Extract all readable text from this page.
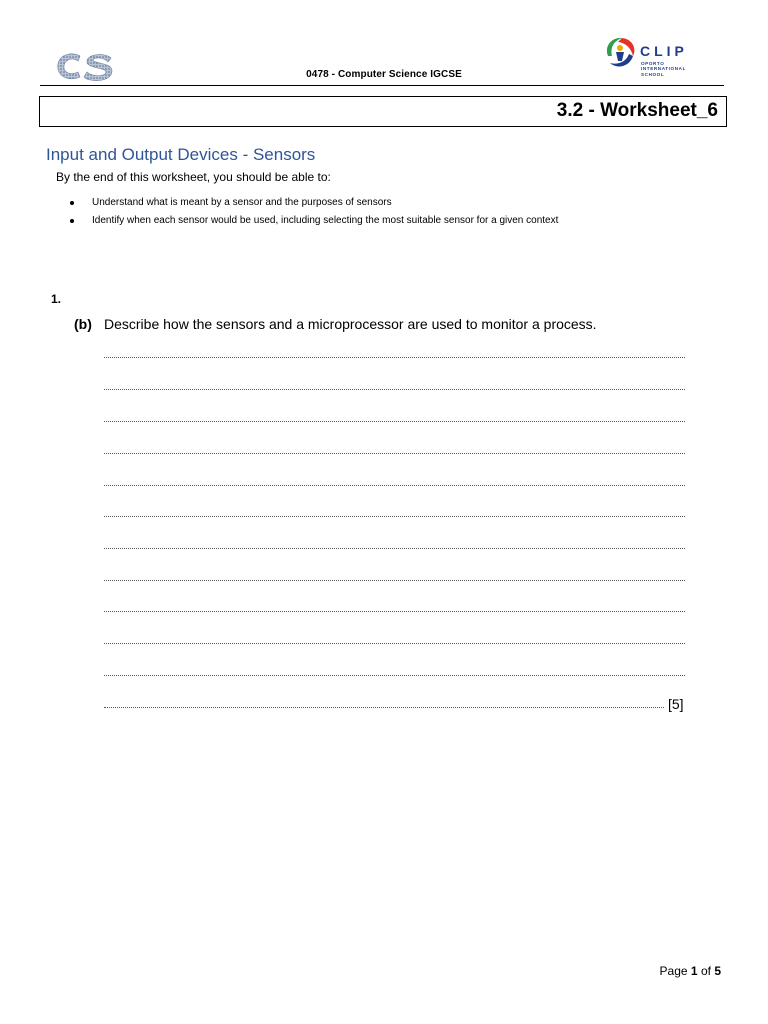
0478 - Computer Science IGCSE
CLIP
OPORTO
INTERNATIONAL
SCHOOL
3.2 - Worksheet_6
Input and Output Devices - Sensors
By the end of this worksheet, you should be able to:
Understand what is meant by a sensor and the purposes of sensors
Identify when each sensor would be used, including selecting the most suitable sensor for a given context
1.
(b) Describe how the sensors and a microprocessor are used to monitor a process.
[5]
Page 1 of 5
